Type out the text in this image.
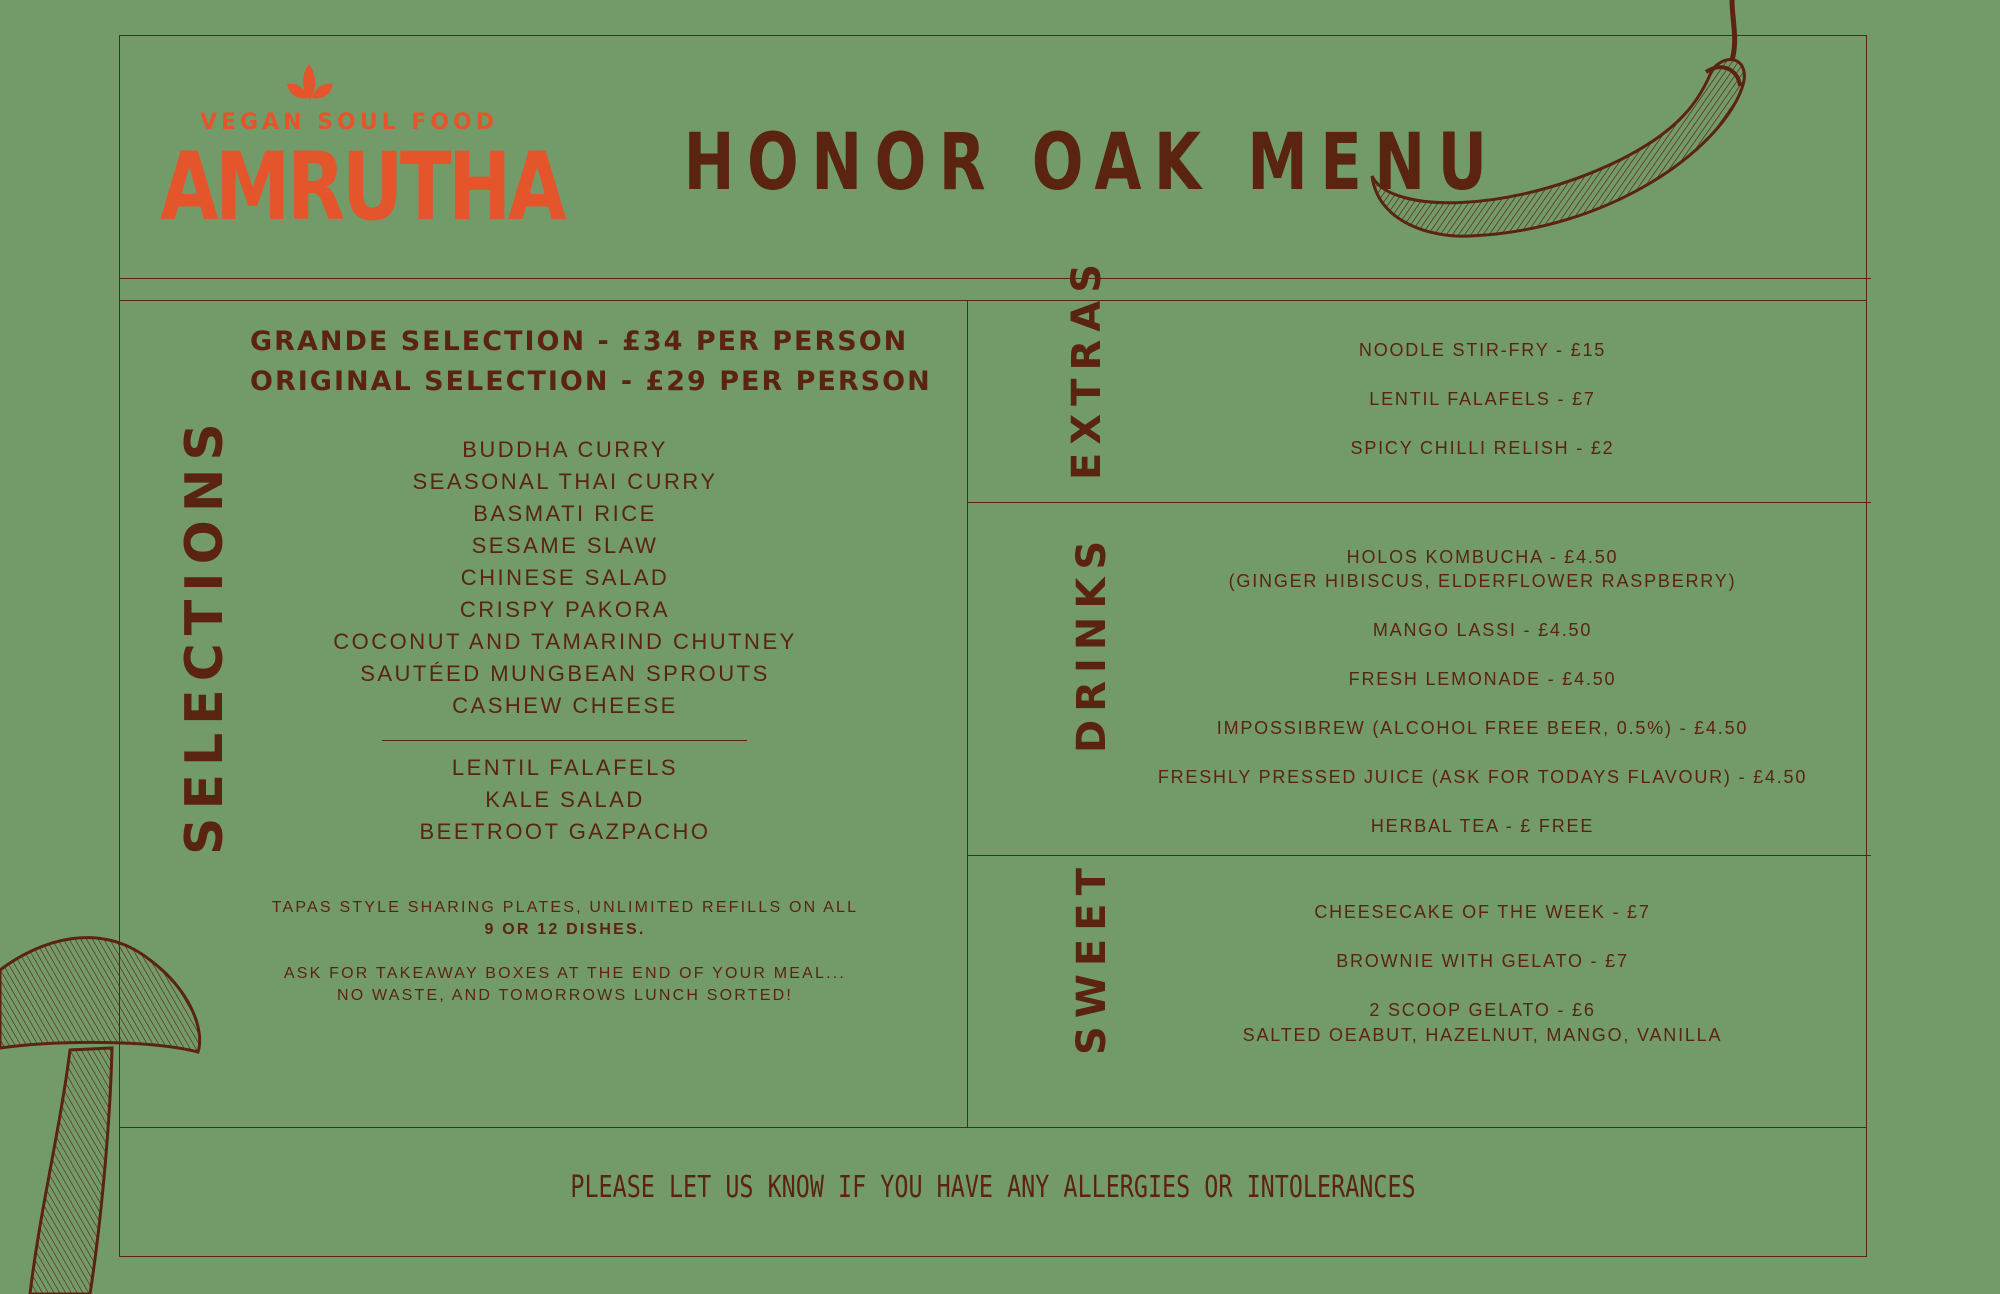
VEGAN SOUL FOOD
AMRUTHA HONOR OAK MENU
SELECTIONS
EXTRAS
DRINKS
SWEET
GRANDE SELECTION - £34 PER PERSON
ORIGINAL SELECTION - £29 PER PERSON
BUDDHA CURRY
SEASONAL THAI CURRY
BASMATI RICE
SESAME SLAW
CHINESE SALAD
CRISPY PAKORA
COCONUT AND TAMARIND CHUTNEY
SAUTÉED MUNGBEAN SPROUTS
CASHEW CHEESE
LENTIL FALAFELS
KALE SALAD
BEETROOT GAZPACHO
TAPAS STYLE SHARING PLATES, UNLIMITED REFILLS ON ALL
9 OR 12 DISHES.
ASK FOR TAKEAWAY BOXES AT THE END OF YOUR MEAL...
NO WASTE, AND TOMORROWS LUNCH SORTED!
NOODLE STIR-FRY - £15
LENTIL FALAFELS - £7
SPICY CHILLI RELISH - £2
HOLOS KOMBUCHA - £4.50
(GINGER HIBISCUS, ELDERFLOWER RASPBERRY)
MANGO LASSI - £4.50
FRESH LEMONADE - £4.50
IMPOSSIBREW (ALCOHOL FREE BEER, 0.5%) - £4.50
FRESHLY PRESSED JUICE (ASK FOR TODAYS FLAVOUR) - £4.50
HERBAL TEA - £ FREE
CHEESECAKE OF THE WEEK - £7
BROWNIE WITH GELATO - £7
2 SCOOP GELATO - £6
SALTED OEABUT, HAZELNUT, MANGO, VANILLA
PLEASE LET US KNOW IF YOU HAVE ANY ALLERGIES OR INTOLERANCES
